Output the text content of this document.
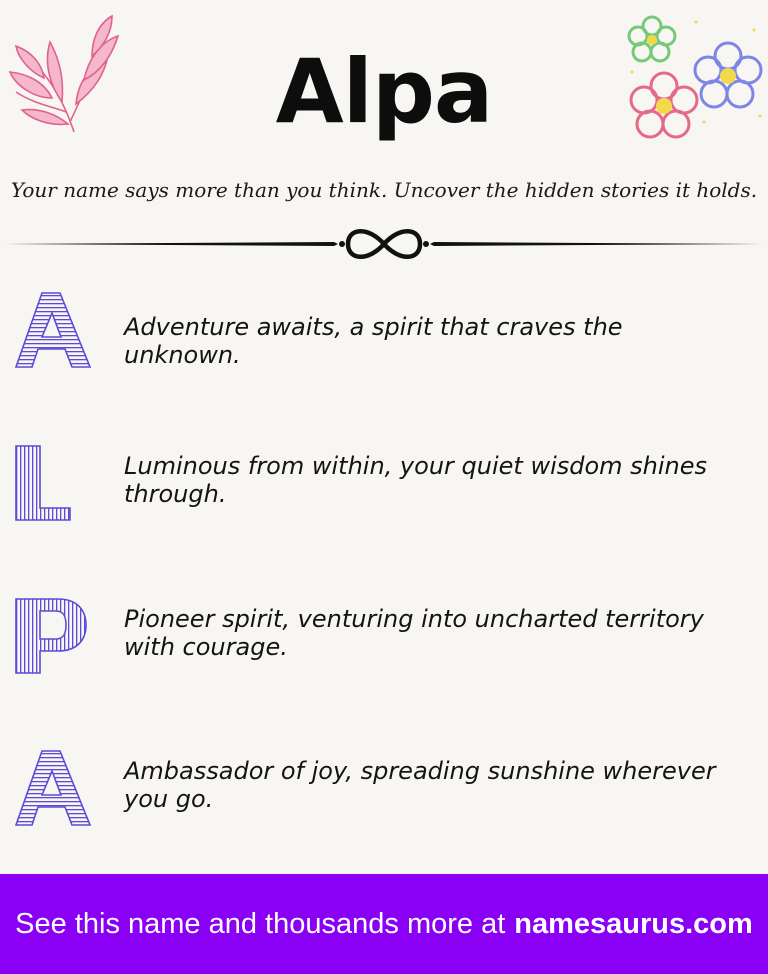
Alpa
Your name says more than you think. Uncover the hidden stories it holds.
Adventure awaits, a spirit that craves the unknown.
Luminous from within, your quiet wisdom shines through.
Pioneer spirit, venturing into uncharted territory with courage.
Ambassador of joy, spreading sunshine wherever you go.
See this name and thousands more at namesaurus.com
